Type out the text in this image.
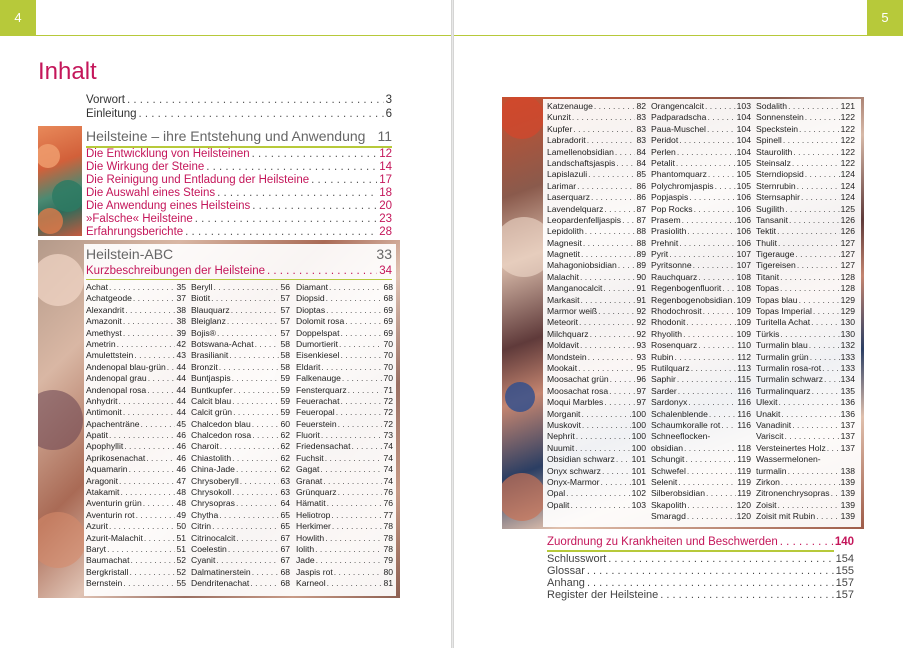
4
Inhalt
Vorwort . . .	3
Einleitung . . .	6
Heilsteine – ihre Entstehung und Anwendung 11
Die Entwicklung von Heilsteinen . . .	12
Die Wirkung der Steine . . .	14
Die Reinigung und Entladung der Heilsteine . . .	17
Die Auswahl eines Steins . . .	18
Die Anwendung eines Heilsteins . . .	20
»Falsche« Heilsteine . . .	23
Erfahrungsberichte . . .	28
Heilstein-ABC	33
Kurzbeschreibungen der Heilsteine . . .	34
Achat . . .	35
Achatgeode . . .	37
Alexandrit . . .	38
Amazonit . . .	38
Amethyst . . .	39
Ametrin . . .	42
Amulettstein . . .	43
Andenopal blau-grün . . . 44
Andenopal grau . . .	44
Andenopal rosa . . .	44
Anhydrit . . .	44
Antimonit . . .	44
Apachenträne . . .	45
Apatit . . .	46
Apophyllit . . .	46
Aprikosenachat . . .	46
Aquamarin . . .	46
Aragonit . . .	47
Atakamit . . .	48
Aventurin grün . . .	48
Aventurin rot . . .	49
Azurit . . .	50
Azurit-Malachit . . .	51
Baryt . . .	51
Baumachat . . .	52
Bergkristall . . .	52
Bernstein . . .	55
Beryll . . .	56
Biotit . . .	57
Blauquarz . . .	57
Bleiglanz . . .	57
Bojis® . . .	57
Botswana-Achat . . .	58
Brasilianit . . .	58
Bronzit . . .	58
Buntjaspis . . .	59
Buntkupfer . . .	59
Calcit blau . . .	59
Calcit grün . . .	59
Chalcedon blau . . .	60
Chalcedon rosa . . .	62
Charoit . . .	62
Chiastolith . . .	62
China-Jade . . .	62
Chrysoberyll . . .	63
Chrysokoll . . .	63
Chrysopras . . .	64
Chytha . . .	65
Citrin . . .	65
Citrinocalcit . . .	67
Coelestin . . .	67
Cyanit . . .	67
Dalmatinerstein . . .	68
Dendritenachat . . .	68
Diamant . . .	68
Diopsid . . .	68
Dioptas . . .	69
Dolomit rosa . . .	69
Doppelspat . . .	69
Dumortierit . . .	70
Eisenkiesel . . .	70
Eldarit . . .	70
Falkenauge . . .	70
Fensterquarz . . .	71
Feuerachat . . .	72
Feueropal . . .	72
Feuerstein . . .	72
Fluorit . . .	73
Friedensachat . . .	74
Fuchsit . . .	74
Gagat . . .	74
Granat . . .	74
Grünquarz . . .	76
Hämatit . . .	76
Heliotrop . . .	77
Herkimer . . .	78
Howlith . . .	78
Iolith . . .	78
Jade . . .	79
Jaspis rot . . .	80
Karneol . . .	81
5
Katzenauge . . .	82
Kunzit . . .	83
Kupfer . . .	83
Labradorit . . .	83
Lamellenobsidian . . .	84
Landschaftsjaspis . . . 84
Lapislazuli . . .	85
Larimar . . .	86
Laserquarz . . .	86
Lavendelquarz . . .	87
Leopardenfelljaspis . . . 87
Lepidolith . . .	88
Magnesit . . .	88
Magnetit . . .	89
Mahagoniobsidian . . . 89
Malachit . . .	90
Manganocalcit . . .	91
Markasit . . .	91
Marmor weiß . . .	92
Meteorit . . .	92
Milchquarz . . .	92
Moldavit . . .	93
Mondstein . . .	93
Mookait . . .	95
Moosachat grün . . .	96
Moosachat rosa . . .	97
Moqui Marbles . . .	97
Morganit . . .	100
Muskovit . . .	100
Nephrit . . .	100
Nuumit . . .	100
Obsidian schwarz . . . 101
Onyx schwarz . . .	101
Onyx-Marmor . . .	101
Opal . . .	102
Opalit . . .	103
Orangencalcit . . .	103
Padparadscha . . .	104
Paua-Muschel . . .	104
Peridot . . .	104
Perlen . . .	104
Petalit . . .	105
Phantomquarz . . .	105
Polychromjaspis . . .	105
Popjaspis . . .	106
Pop Rocks . . .	106
Prasem . . .	106
Prasiolith . . .	106
Prehnit . . .	106
Pyrit . . .	107
Pyritsonne . . .	107
Rauchquarz . . .	108
Regenbogenfluorit . . . 108
Regenbogenobsidian . . . 109
Rhodochrosit . . .	109
Rhodonit . . .	109
Rhyolith . . .	109
Rosenquarz . . .	110
Rubin . . .	112
Rutilquarz . . .	113
Saphir . . .	115
Sarder . . .	116
Sardonyx . . .	116
Schalenblende . . .	116
Schaumkoralle rot . . . 116
Schneeflocken-
obsidian . . .	118
Schungit . . .	119
Schwefel . . .	119
Selenit . . .	119
Silberobsidian . . .	119
Skapolith . . .	120
Smaragd . . .	120
Sodalith . . .	121
Sonnenstein . . .	122
Speckstein . . .	122
Spinell . . .	122
Staurolith . . .	122
Steinsalz . . .	122
Sterndiopsid . . .	124
Sternrubin . . .	124
Sternsaphir . . .	124
Sugilith . . .	125
Tansanit . . .	126
Tektit . . .	126
Thulit . . .	127
Tigerauge . . .	127
Tigereisen . . .	127
Titanit . . .	128
Topas . . .	128
Topas blau . . .	129
Topas Imperial . . .	129
Turitella Achat . . .	130
Türkis . . .	130
Turmalin blau . . .	132
Turmalin grün . . .	133
Turmalin rosa-rot . . . 133
Turmalin schwarz . . . 134
Turmalinquarz . . .	135
Ulexit . . .	136
Unakit . . .	136
Vanadinit . . .	137
Variscit . . .	137
Versteinertes Holz . . . 137
Wassermelonen-
turmalin . . .	138
Zirkon . . .	139
Zitronenchrysopras . . . 139
Zoisit . . .	139
Zoisit mit Rubin . . .	139
Zuordnung zu Krankheiten und Beschwerden . . .	140
Schlusswort . . .	154
Glossar . . .	155
Anhang . . .	157
Register der Heilsteine . . .	157
